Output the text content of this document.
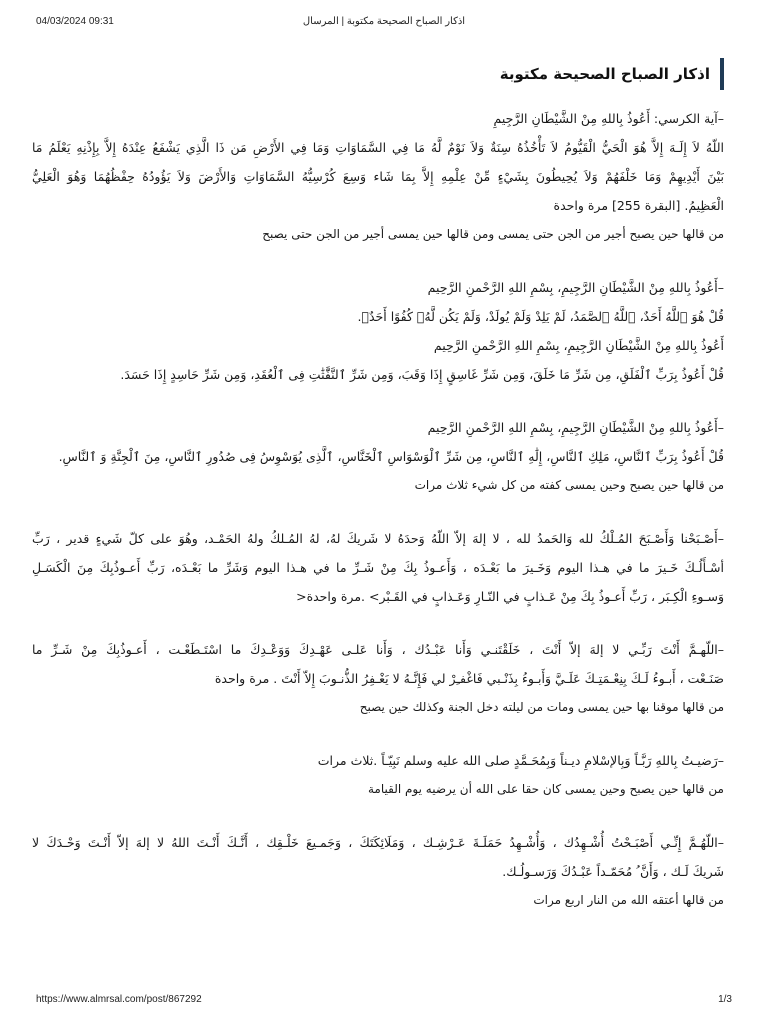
04/03/2024 09:31	اذكار الصباح الصحيحة مكتوبة | المرسال
اذكار الصباح الصحيحة مكتوبة
–آية الكرسي: أَعُوذُ بِاللهِ مِنْ الشَّيْطَانِ الرَّجِيمِ
اللّهُ لاَ إِلَـهَ إِلاَّ هُوَ الْحَيُّ الْقَيُّومُ لاَ تَأْخُذُهُ سِنَةٌ وَلاَ نَوْمٌ لَّهُ مَا فِي السَّمَاوَاتِ وَمَا فِي الأَرْضِ مَن ذَا الَّذِي يَشْفَعُ عِنْدَهُ إِلاَّ بِإِذْنِهِ يَعْلَمُ مَا
بَيْنَ أَيْدِيهِمْ وَمَا خَلْفَهُمْ وَلاَ يُحِيطُونَ بِشَيْءٍ مِّنْ عِلْمِهِ إِلاَّ بِمَا شَاء وَسِعَ كُرْسِيُّهُ السَّمَاوَاتِ وَالأَرْضَ وَلاَ يَؤُودُهُ حِفْظُهُمَا وَهُوَ الْعَلِيُّ
الْعَظِيمُ. [البقرة 255] مرة واحدة
من قالها حين يصبح أجير من الجن حتى يمسى ومن قالها حين يمسى أجير من الجن حتى يصبح
–أَعُوذُ بِاللهِ مِنْ الشَّيْطَانِ الرَّجِيمِ، بِسْمِ اللهِ الرَّحْمنِ الرَّحِيم
قُلْ هُوَ ٱللَّهُ أَحَدٌ، ٱللَّهُ ٱلصَّمَدُ، لَمْ يَلِدْ وَلَمْ يُولَدْ، وَلَمْ يَكُن لَّهُۥ كُفُوًا أَحَدٌۢ.
أَعُوذُ بِاللهِ مِنْ الشَّيْطَانِ الرَّجِيمِ، بِسْمِ اللهِ الرَّحْمنِ الرَّحِيم
قُلْ أَعُوذُ بِرَبِّ ٱلْفَلَقِ، مِن شَرِّ مَا خَلَقَ، وَمِن شَرِّ غَاسِقٍ إِذَا وَقَبَ، وَمِن شَرِّ ٱلنَّفَّٰثَٰتِ فِى ٱلْعُقَدِ، وَمِن شَرِّ حَاسِدٍ إِذَا حَسَدَ.
–أَعُوذُ بِاللهِ مِنْ الشَّيْطَانِ الرَّجِيمِ، بِسْمِ اللهِ الرَّحْمنِ الرَّحِيم
قُلْ أَعُوذُ بِرَبِّ ٱلنَّاسِ، مَلِكِ ٱلنَّاسِ، إِلَٰهِ ٱلنَّاسِ، مِن شَرِّ ٱلْوَسْوَاسِ ٱلْخَنَّاسِ، ٱلَّذِى يُوَسْوِسُ فِى صُدُورِ ٱلنَّاسِ، مِنَ ٱلْجِنَّةِ وَ ٱلنَّاسِ.
من قالها حين يصبح وحين يمسى كفته من كل شيء ثلاث مرات
–أَصْـبَحْنا وَأَصْـبَحَ المُـلْكُ لله وَالحَمدُ لله ، لا إلهَ إلاّ اللّهُ وَحدَهُ لا شَريكَ لهُ، لهُ المُـلكُ ولهُ الحَمْـد، وهُوَ على كلّ شَيءٍ قدير ، رَبِّ
أسْـأَلُـكَ خَـيرَ ما في هـذا اليوم وَخَـيرَ ما بَعْـدَه ، وَأَعـوذُ بِكَ مِنْ شَـرِّ ما في هـذا اليوم وَشَرِّ ما بَعْـدَه، رَبِّ أَعـوذُبِكَ مِنَ الْكَسَـلِ
وَسـوءِ الْكِـبَر ، رَبِّ أَعـوذُ بِكَ مِنْ عَـذابٍ في النّـارِ وَعَـذابٍ في القَـبْر> .مرة واحدة<
–اللّهـمَّ أَنْتَ رَبِّـي لا إلهَ إلاّ أَنْتَ ، خَلَقْتَنـي وَأَنا عَبْـدُك ، وَأَنا عَلـى عَهْـدِكَ وَوَعْـدِكَ ما اسْتَـطَعْـت ، أَعـوذُبِكَ مِنْ شَـرِّ ما
صَنَـعْت ، أَبـوءُ لَـكَ بِنِعْـمَتِـكَ عَلَـيَّ وَأَبـوءُ بِذَنْـبي فَاغْفـِرْ لي فَإِنَّـهُ لا يَغْـفِرُ الذُّنـوبَ إِلاّ أَنْتَ . مرة واحدة
من قالها موقنا بها حين يمسى ومات من ليلته دخل الجنة وكذلك حين يصبح
–رَضيـتُ بِاللهِ رَبَّـاً وَبِالإسْلامِ ديـناً وَبِمُحَـمَّدٍ صلى الله عليه وسلم نَبِيّـاً .ثلاث مرات
من قالها حين يصبح وحين يمسى كان حقا على الله أن يرضيه يوم القيامة
–اللّهُـمَّ إِنِّـي أَصْبَـحْتُ أُشْـهِدُك ، وَأُشْـهِدُ حَمَلَـةَ عَـرْشِـك ، وَمَلَائِكَتَكَ ، وَجَمـيعَ خَلْـقِك ، أَنَّـكَ أَنْـتَ اللهُ لا إلهَ إلاّ أَنْـتَ وَحْـدَكَ لا
شَريكَ لَـك ، وَأَنَّ ُ مُحَمّـداً عَبْـدُكَ وَرَسـولُـك.
من قالها أعتقه الله من النار اربع مرات
https://www.almrsal.com/post/867292	1/3
